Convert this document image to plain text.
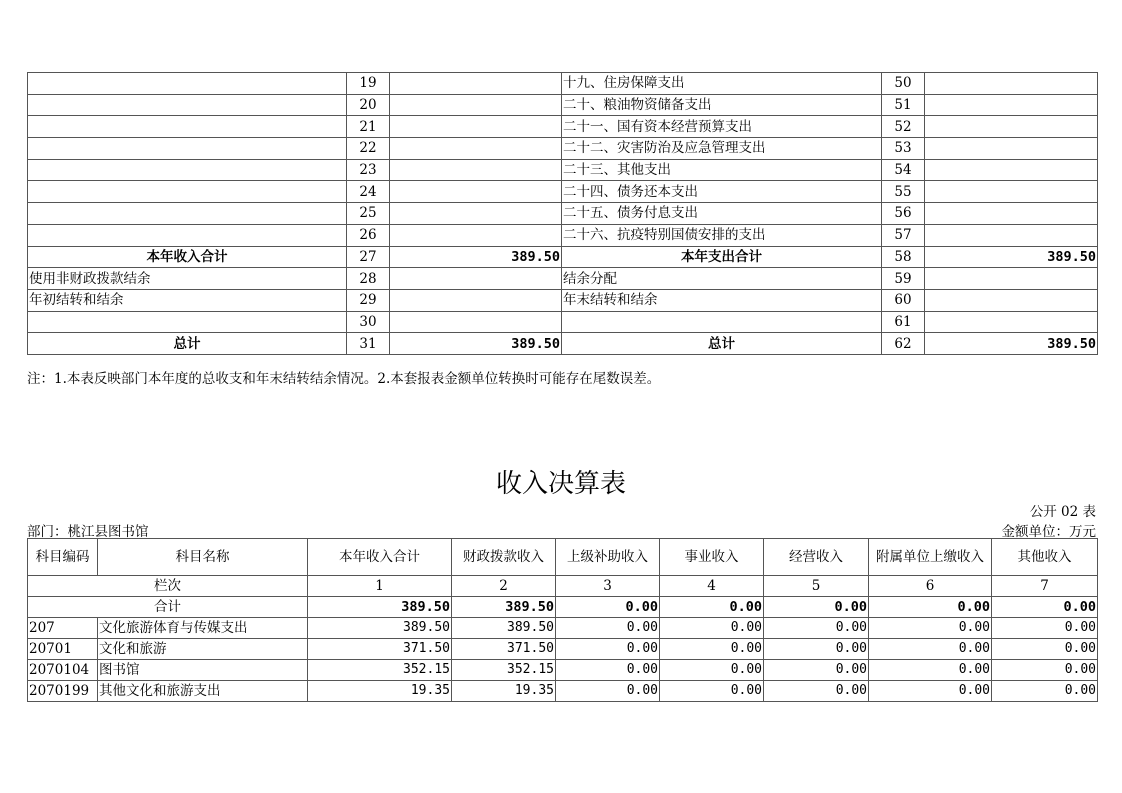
	19		十九、住房保障支出	50	
	20		二十、粮油物资储备支出	51	
	21		二十一、国有资本经营预算支出	52	
	22		二十二、灾害防治及应急管理支出	53	
	23		二十三、其他支出	54	
	24		二十四、债务还本支出	55	
	25		二十五、债务付息支出	56	
	26		二十六、抗疫特别国债安排的支出	57	
本年收入合计	27	389.50	本年支出合计	58	389.50
使用非财政拨款结余	28		结余分配	59	
年初结转和结余	29		年末结转和结余	60	
	30			61	
总计	31	389.50	总计	62	389.50
注：1.本表反映部门本年度的总收支和年末结转结余情况。2.本套报表金额单位转换时可能存在尾数误差。
收入决算表
公开 02 表
部门：桃江县图书馆	金额单位：万元
科目编码	科目名称	本年收入合计	财政拨款收入	上级补助收入	事业收入	经营收入	附属单位上缴收入	其他收入
栏次		1	2	3	4	5	6	7
合计		389.50	389.50	0.00	0.00	0.00	0.00	0.00
207	文化旅游体育与传媒支出	389.50	389.50	0.00	0.00	0.00	0.00	0.00
20701	文化和旅游	371.50	371.50	0.00	0.00	0.00	0.00	0.00
2070104	图书馆	352.15	352.15	0.00	0.00	0.00	0.00	0.00
2070199	其他文化和旅游支出	19.35	19.35	0.00	0.00	0.00	0.00	0.00
